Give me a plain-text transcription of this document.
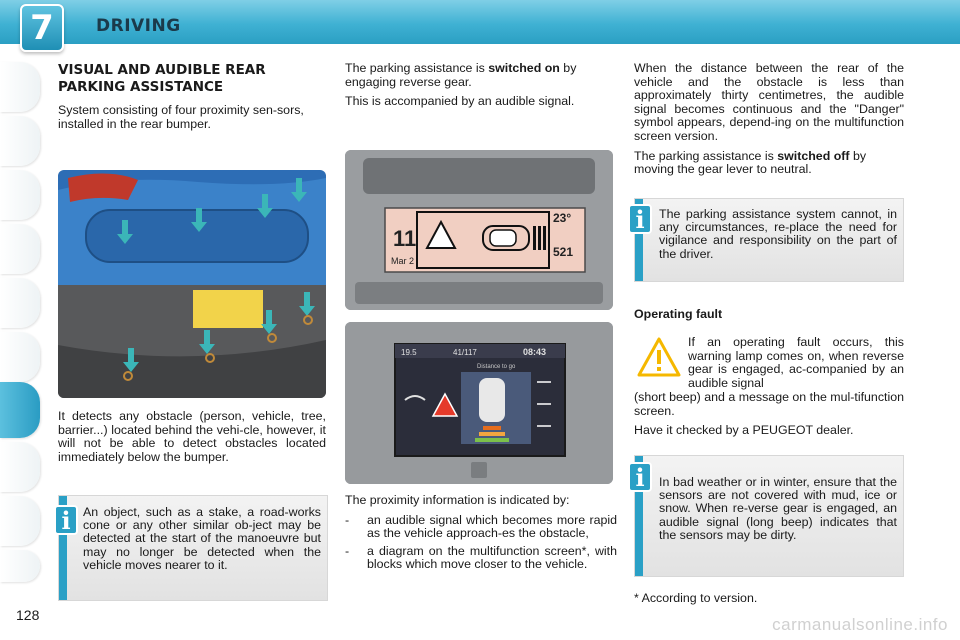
7 DRIVING
VISUAL AND AUDIBLE REAR
PARKING ASSISTANCE

System consisting of four proximity sen-sors, installed in the rear bumper.

It detects any obstacle (person, vehicle, tree, barrier...) located behind the vehi-cle, however, it will not be able to detect obstacles located immediately below the bumper.
An object, such as a stake, a road-works cone or any other similar ob-ject may be detected at the start of the manoeuvre but may no longer be detected when the vehicle moves nearer to it.
i

The parking assistance is switched on by engaging reverse gear.

This is accompanied by an audible signal.

11
Mar 2
23°
521
19.5	41/117	08:43
Distance to go

The proximity information is indicated by:

- an audible signal which becomes more rapid as the vehicle approach-es the obstacle,
- a diagram on the multifunction screen*, with blocks which move closer to the vehicle.

When the distance between the rear of the vehicle and the obstacle is less than approximately thirty centimetres, the audible signal becomes continuous and the "Danger" symbol appears, depend-ing on the multifunction screen version.

The parking assistance is switched off by moving the gear lever to neutral.

The parking assistance system cannot, in any circumstances, re-place the need for vigilance and responsibility on the part of the driver.
i
Operating fault
If an operating fault occurs, this warning lamp comes on, when reverse gear is engaged, ac-companied by an audible signal

(short beep) and a message on the mul-tifunction screen.

Have it checked by a PEUGEOT dealer.

In bad weather or in winter, ensure that the sensors are not covered with mud, ice or snow. When re-verse gear is engaged, an audible signal (long beep) indicates that the sensors may be dirty.
i
* According to version.
128	carmanualsonline.info
